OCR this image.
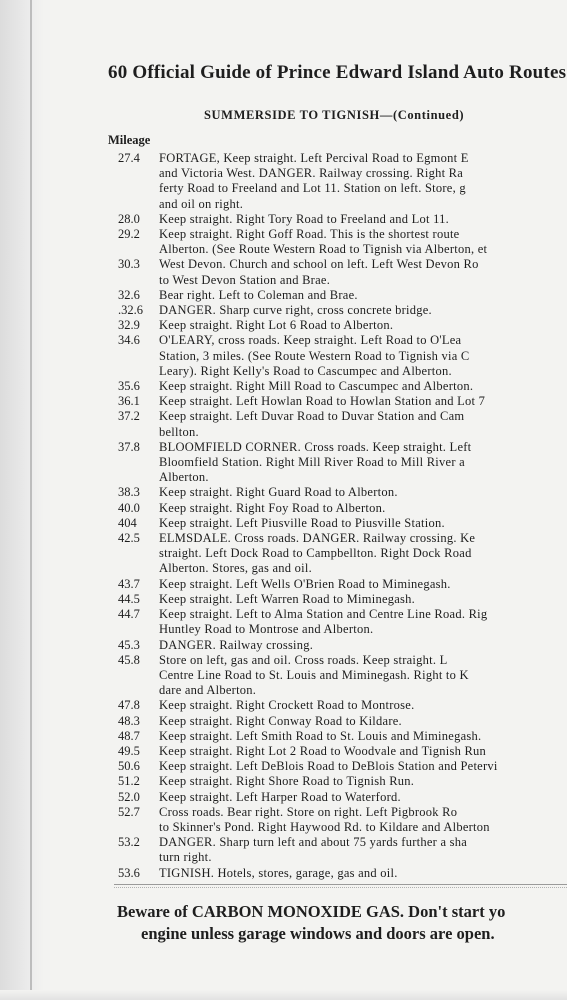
60 Official Guide of Prince Edward Island Auto Routes
SUMMERSIDE TO TIGNISH—(Continued)
Mileage
27.4	FORTAGE, Keep straight. Left Percival Road to Egmont E
and Victoria West. DANGER. Railway crossing. Right Ra
ferty Road to Freeland and Lot 11. Station on left. Store, g
and oil on right.
28.0	Keep straight. Right Tory Road to Freeland and Lot 11.
29.2	Keep straight. Right Goff Road. This is the shortest route
Alberton. (See Route Western Road to Tignish via Alberton, et
30.3	West Devon. Church and school on left. Left West Devon Ro
to West Devon Station and Brae.
32.6	Bear right. Left to Coleman and Brae.
.32.6	DANGER. Sharp curve right, cross concrete bridge.
32.9	Keep straight. Right Lot 6 Road to Alberton.
34.6	O'LEARY, cross roads. Keep straight. Left Road to O'Lea
Station, 3 miles. (See Route Western Road to Tignish via C
Leary). Right Kelly's Road to Cascumpec and Alberton.
35.6	Keep straight. Right Mill Road to Cascumpec and Alberton.
36.1	Keep straight. Left Howlan Road to Howlan Station and Lot 7
37.2	Keep straight. Left Duvar Road to Duvar Station and Cam
bellton.
37.8	BLOOMFIELD CORNER. Cross roads. Keep straight. Left
Bloomfield Station. Right Mill River Road to Mill River a
Alberton.
38.3	Keep straight. Right Guard Road to Alberton.
40.0	Keep straight. Right Foy Road to Alberton.
404	Keep straight. Left Piusville Road to Piusville Station.
42.5	ELMSDALE. Cross roads. DANGER. Railway crossing. Ke
straight. Left Dock Road to Campbellton. Right Dock Road
Alberton. Stores, gas and oil.
43.7	Keep straight. Left Wells O'Brien Road to Miminegash.
44.5	Keep straight. Left Warren Road to Miminegash.
44.7	Keep straight. Left to Alma Station and Centre Line Road. Rig
Huntley Road to Montrose and Alberton.
45.3	DANGER. Railway crossing.
45.8	Store on left, gas and oil. Cross roads. Keep straight. L
Centre Line Road to St. Louis and Miminegash. Right to K
dare and Alberton.
47.8	Keep straight. Right Crockett Road to Montrose.
48.3	Keep straight. Right Conway Road to Kildare.
48.7	Keep straight. Left Smith Road to St. Louis and Miminegash.
49.5	Keep straight. Right Lot 2 Road to Woodvale and Tignish Run
50.6	Keep straight. Left DeBlois Road to DeBlois Station and Petervi
51.2	Keep straight. Right Shore Road to Tignish Run.
52.0	Keep straight. Left Harper Road to Waterford.
52.7	Cross roads. Bear right. Store on right. Left Pigbrook Ro
to Skinner's Pond. Right Haywood Rd. to Kildare and Alberton
53.2	DANGER. Sharp turn left and about 75 yards further a sha
turn right.
53.6	TIGNISH. Hotels, stores, garage, gas and oil.
Beware of CARBON MONOXIDE GAS. Don't start yo
engine unless garage windows and doors are open.
